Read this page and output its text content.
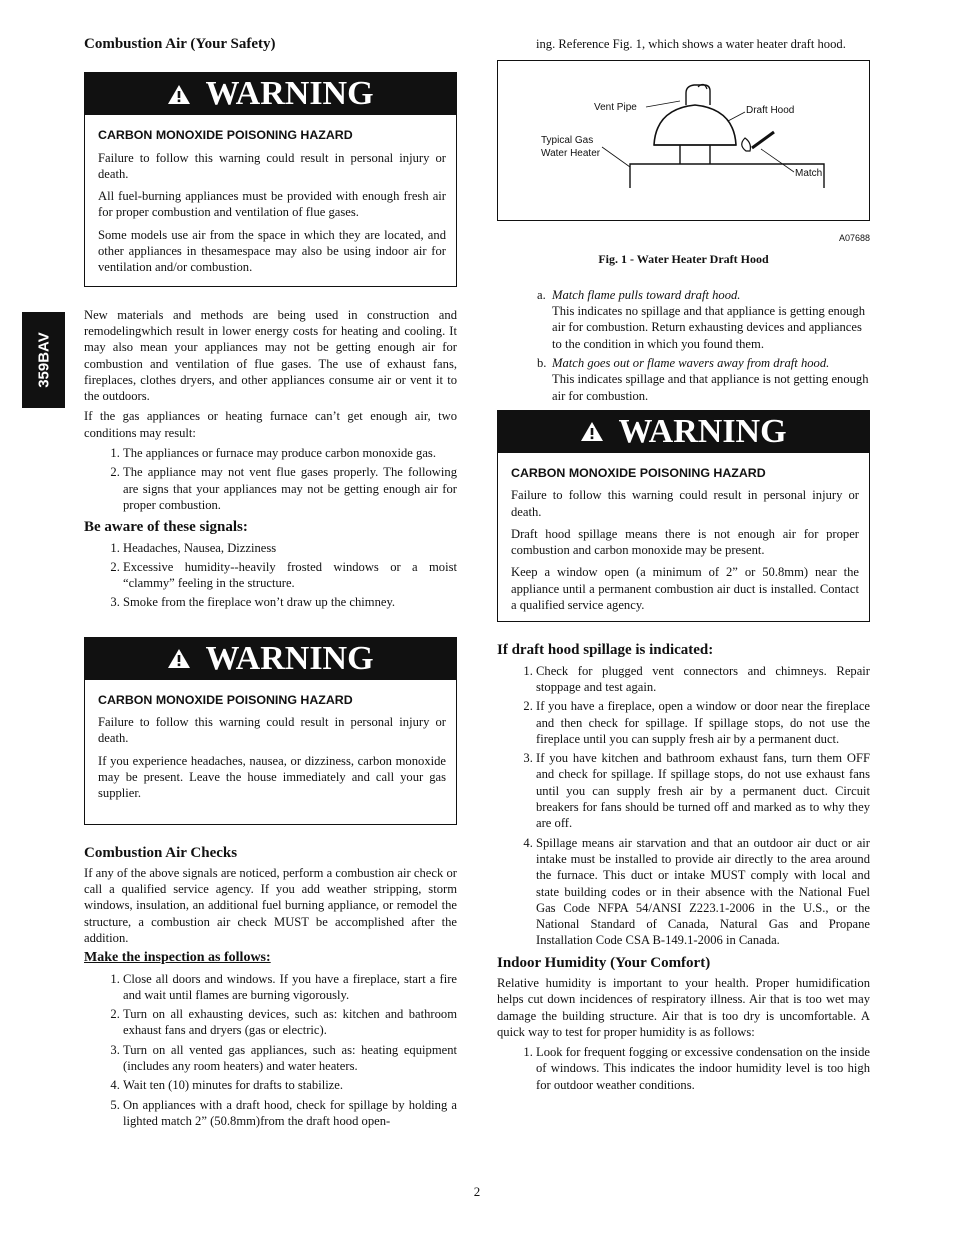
359BAV
Combustion Air (Your Safety)
WARNING
CARBON MONOXIDE POISONING HAZARD

Failure to follow this warning could result in personal injury or death.

All fuel-burning appliances must be provided with enough fresh air for proper combustion and ventilation of flue gases.

Some models use air from the space in which they are located, and other appliances in thesamespace may also be using indoor air for ventilation and/or combustion.

New materials and methods are being used in construction and remodelingwhich result in lower energy costs for heating and cooling. It may also mean your appliances may not be getting enough air for combustion and ventilation of flue gases. The use of exhaust fans, fireplaces, clothes dryers, and other appliances consume air or vent it to the outdoors.

If the gas appliances or heating furnace can’t get enough air, two conditions may result:

1. The appliances or furnace may produce carbon monoxide gas.
2. The appliance may not vent flue gases properly. The following are signs that your appliances may not be getting enough air for proper combustion.
Be aware of these signals:
1. Headaches, Nausea, Dizziness
2. Excessive humidity--heavily frosted windows or a moist “clammy” feeling in the structure.
3. Smoke from the fireplace won’t draw up the chimney.
WARNING
CARBON MONOXIDE POISONING HAZARD

Failure to follow this warning could result in personal injury or death.

If you experience headaches, nausea, or dizziness, carbon monoxide may be present. Leave the house immediately and call your gas supplier.

Combustion Air Checks

If any of the above signals are noticed, perform a combustion air check or call a qualified service agency. If you add weather stripping, storm windows, insulation, an additional fuel burning appliance, or remodel the structure, a combustion air check MUST be accomplished after the addition.

Make the inspection as follows:
1. Close all doors and windows. If you have a fireplace, start a fire and wait until flames are burning vigorously.
2. Turn on all exhausting devices, such as: kitchen and bathroom exhaust fans and dryers (gas or electric).
3. Turn on all vented gas appliances, such as: heating equipment (includes any room heaters) and water heaters.
4. Wait ten (10) minutes for drafts to stabilize.
5. On appliances with a draft hood, check for spillage by holding a lighted match 2” (50.8mm)from the draft hood open-

ing. Reference Fig. 1, which shows a water heater draft hood.

Vent Pipe	Draft Hood
Typical Gas Water Heater
Match
A07688
Fig. 1 - Water Heater Draft Hood
a. Match flame pulls toward draft hood.
This indicates no spillage and that appliance is getting enough air for combustion. Return exhausting devices and appliances to the condition in which you found them.
b. Match goes out or flame wavers away from draft hood.
This indicates spillage and that appliance is not getting enough air for combustion.
WARNING
CARBON MONOXIDE POISONING HAZARD

Failure to follow this warning could result in personal injury or death.

Draft hood spillage means there is not enough air for proper combustion and carbon monoxide may be present.

Keep a window open (a minimum of 2” or 50.8mm) near the appliance until a permanent combustion air duct is installed. Contact a qualified service agency.

If draft hood spillage is indicated:
1. Check for plugged vent connectors and chimneys. Repair stoppage and test again.
2. If you have a fireplace, open a window or door near the fireplace and then check for spillage. If spillage stops, do not use the fireplace until you can supply fresh air by a permanent duct.
3. If you have kitchen and bathroom exhaust fans, turn them OFF and check for spillage. If spillage stops, do not use exhaust fans until you can supply fresh air by a permanent duct. Circuit breakers for fans should be turned off and marked as to why they are off.
4. Spillage means air starvation and that an outdoor air duct or air intake must be installed to provide air directly to the area around the furnace. This duct or intake MUST comply with local and state building codes or in their absence with the National Fuel Gas Code NFPA 54/ANSI Z223.1-2006 in the U.S., or the National Standard of Canada, Natural Gas and Propane Installation Code CSA B-149.1-2006 in Canada.
Indoor Humidity (Your Comfort)

Relative humidity is important to your health. Proper humidification helps cut down incidences of respiratory illness. Air that is too wet may damage the building structure. Air that is too dry is uncomfortable. A quick way to test for proper humidity is as follows:

1. Look for frequent fogging or excessive condensation on the inside of windows. This indicates the indoor humidity level is too high for outdoor weather conditions.
2
